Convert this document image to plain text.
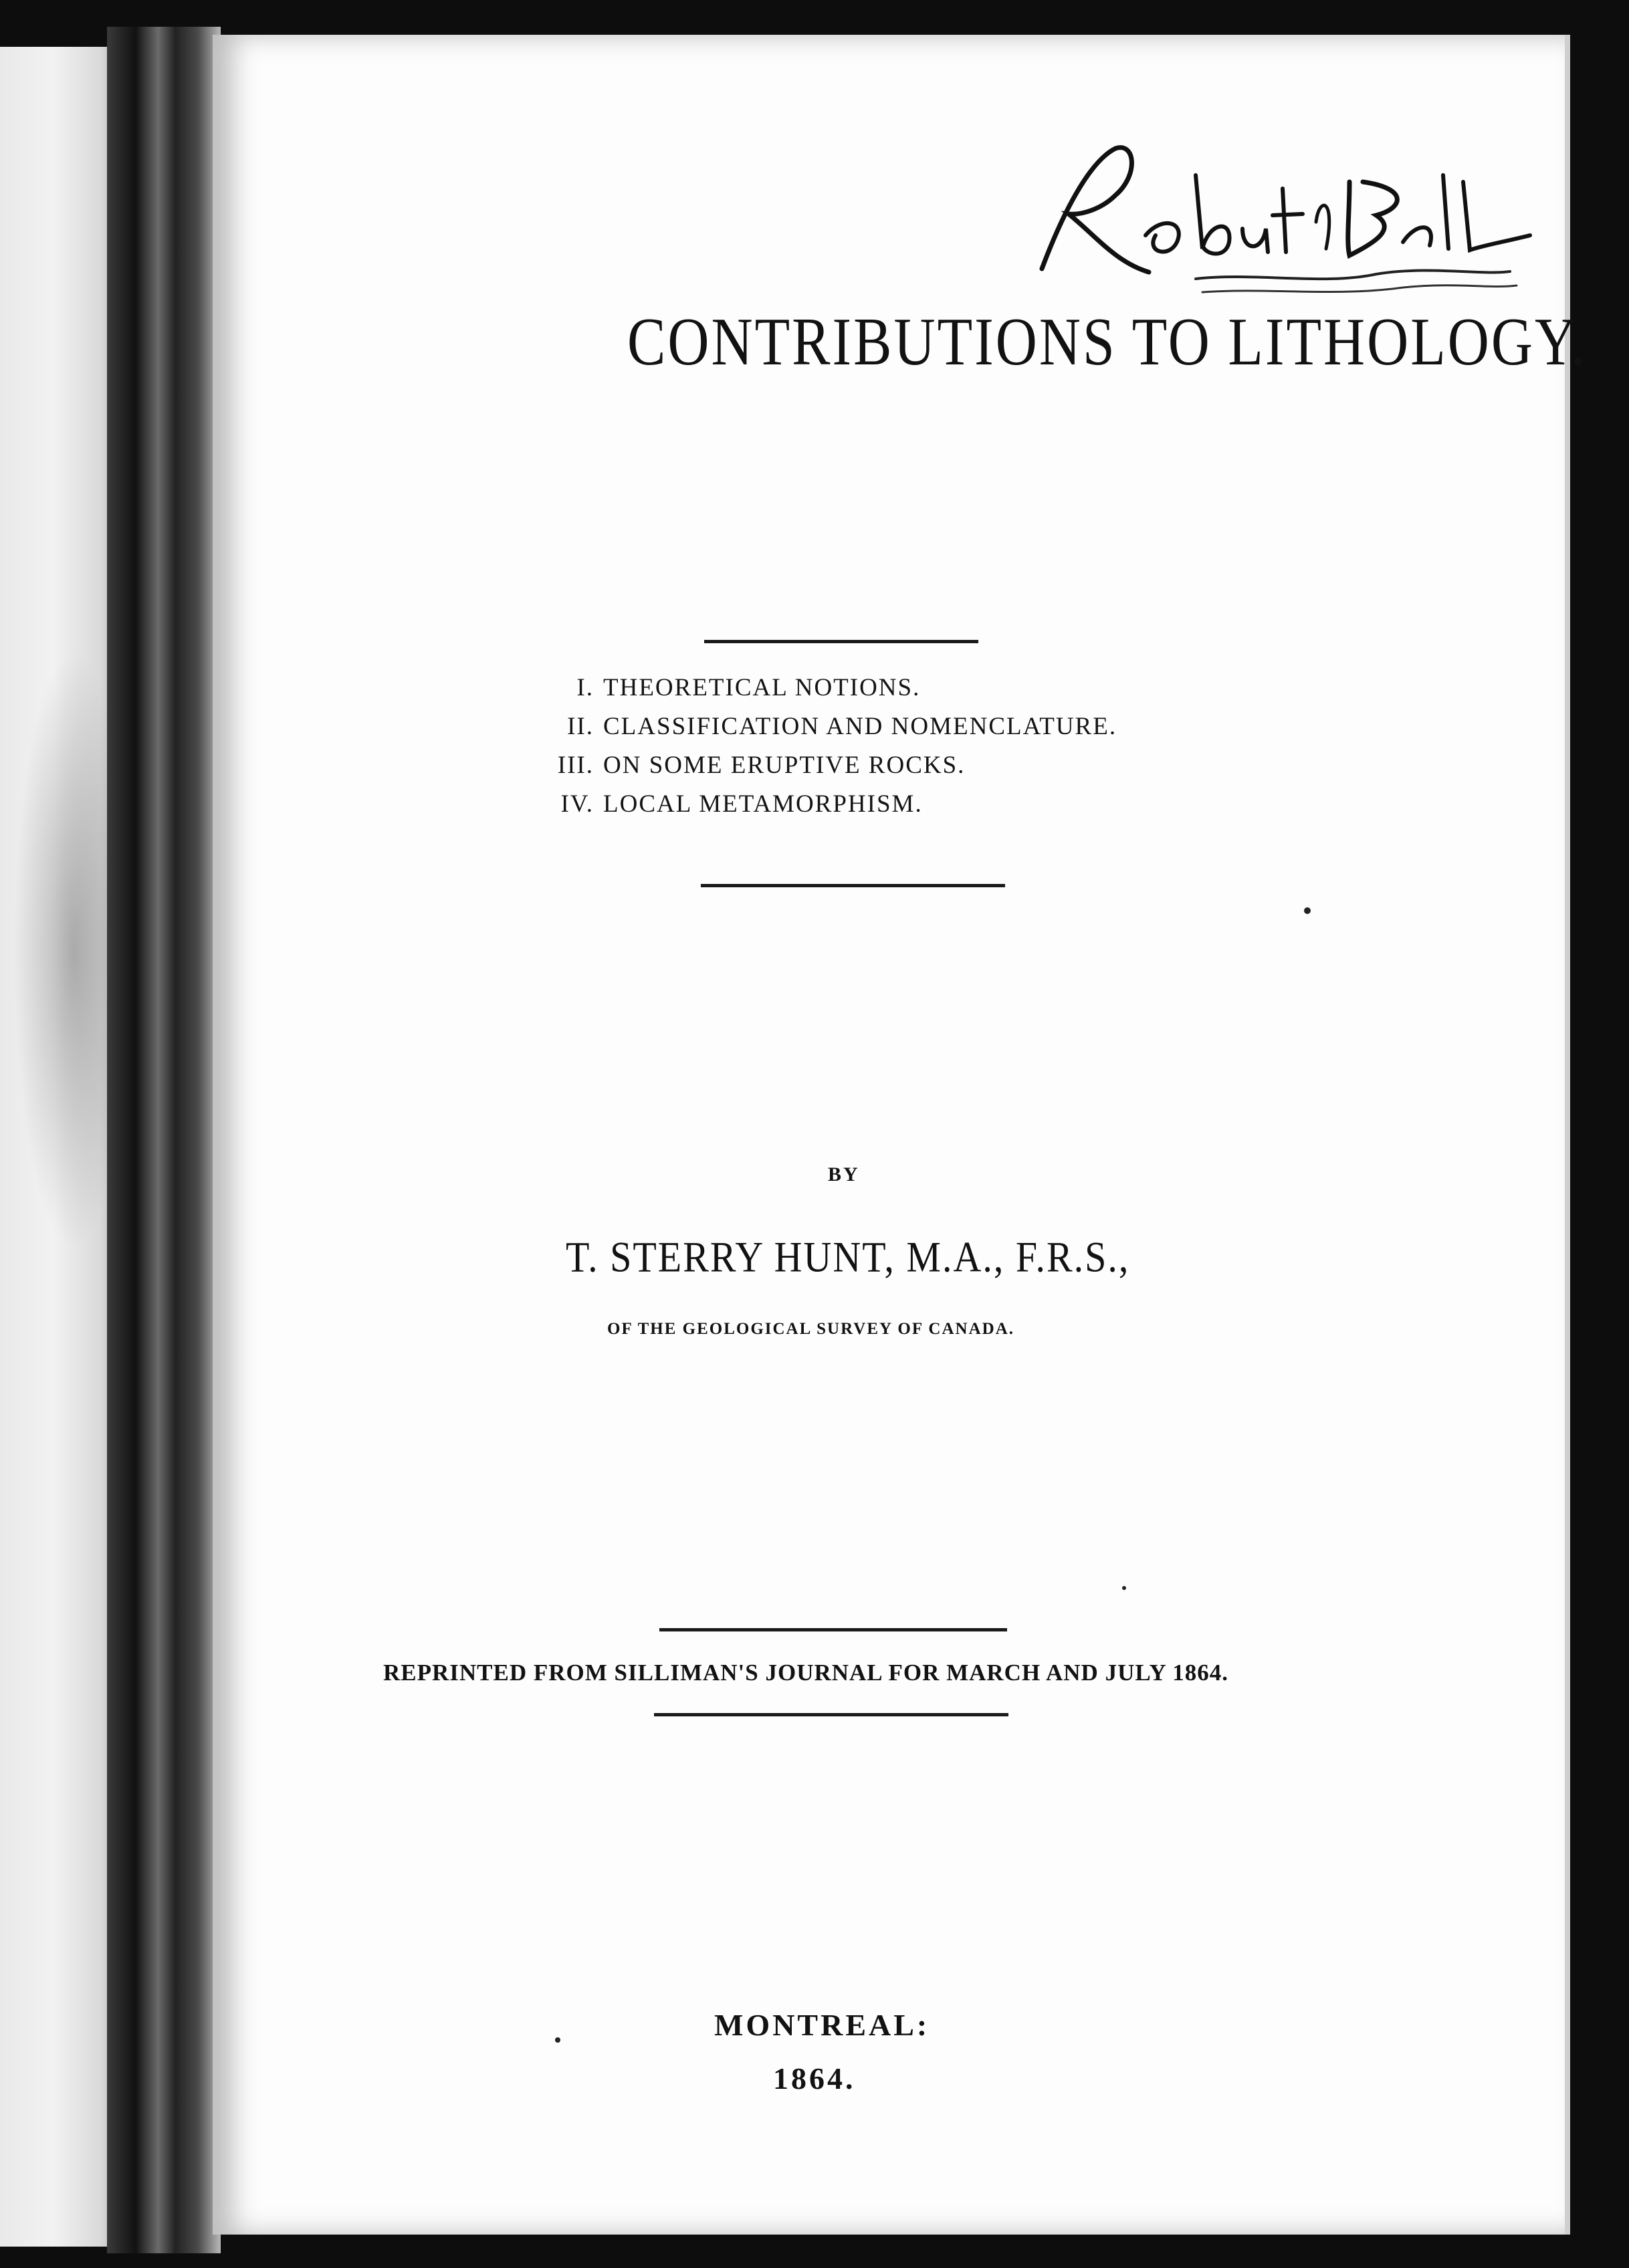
CONTRIBUTIONS TO LITHOLOGY.
I. THEORETICAL NOTIONS.
II. CLASSIFICATION AND NOMENCLATURE.
III. ON SOME ERUPTIVE ROCKS.
IV. LOCAL METAMORPHISM.
BY
T. STERRY HUNT, M.A., F.R.S.,
OF THE GEOLOGICAL SURVEY OF CANADA.
REPRINTED FROM SILLIMAN'S JOURNAL FOR MARCH AND JULY 1864.
MONTREAL:
1864.
